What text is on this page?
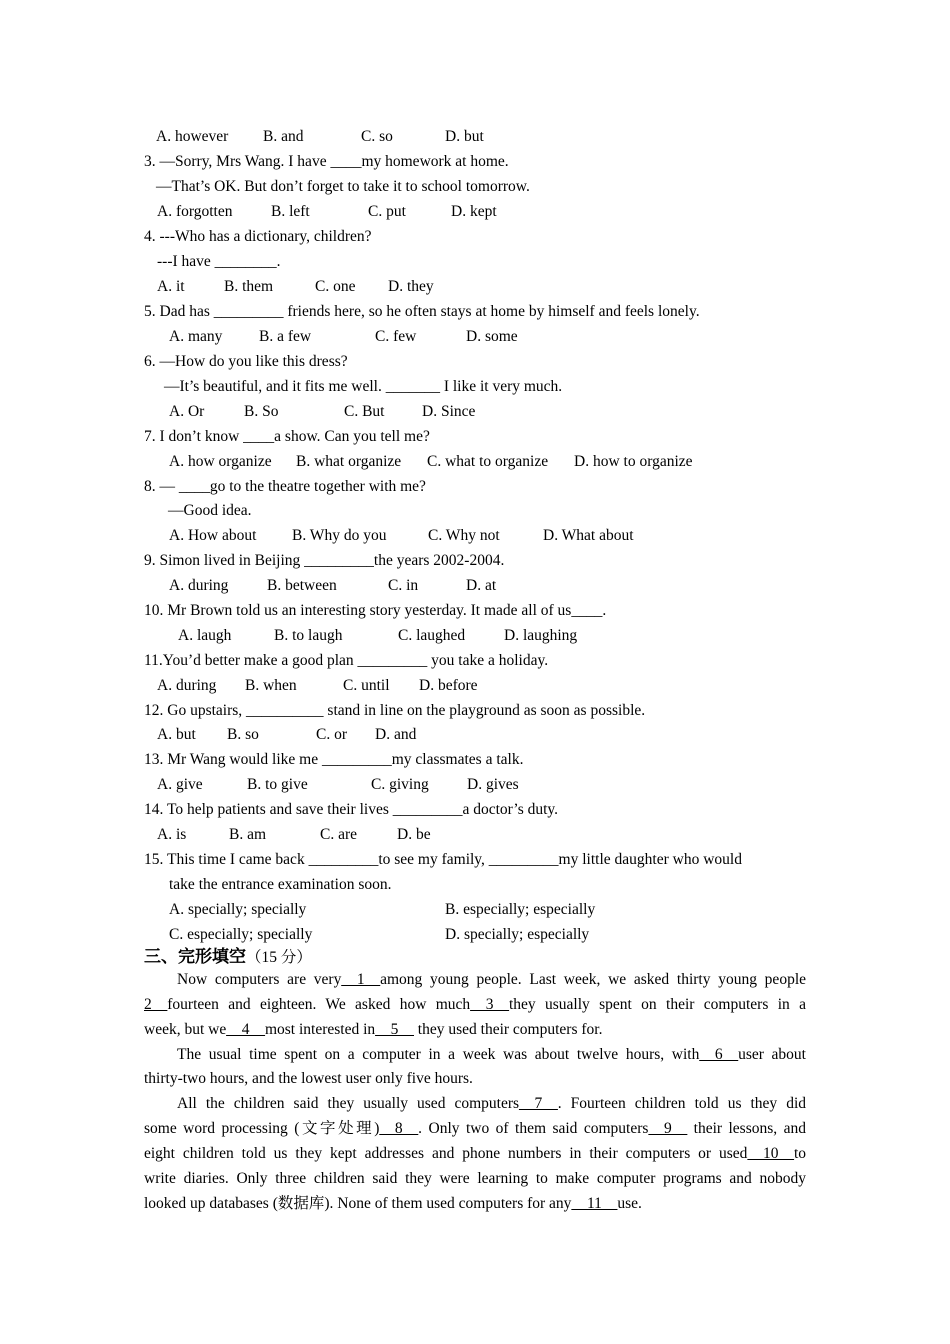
A. however B. and	C. so	D. but
3. —Sorry, Mrs Wang. I have ____my homework at home.
—That’s OK. But don’t forget to take it to school tomorrow.
A. forgotten B. left	C. put	D. kept
4. ---Who has a dictionary, children?
---I have ________.
A. it	B. them	C. one D. they
5. Dad has _________ friends here, so he often stays at home by himself and feels lonely.
A. many B. a few	C. few	D. some
6. —How do you like this dress?
—It’s beautiful, and it fits me well. _______ I like it very much.
A. Or	B. So	C. But D. Since
7. I don’t know ____a show. Can you tell me?
A. how organize B. what organize C. what to organize D. how to organize
8. — ____go to the theatre together with me?
—Good idea.
A. How about B. Why do you	C. Why not	D. What about
9. Simon lived in Beijing _________the years 2002-2004.
A. during B. between	C. in	D. at
10. Mr Brown told us an interesting story yesterday. It made all of us____.
A. laugh	B. to laugh	C. laughed	D. laughing
11.You’d better make a good plan _________ you take a holiday.
A. during B. when	C. until D. before
12. Go upstairs, __________ stand in line on the playground as soon as possible.
A. but B. so	C. or D. and
13. Mr Wang would like me _________my classmates a talk.
A. give	B. to give	C. giving D. gives
14. To help patients and save their lives _________a doctor’s duty.
A. is	B. am	C. are	D. be
15. This time I came back _________to see my family, _________my little daughter who would
take the entrance examination soon.
A. specially; specially	B. especially; especially
C. especially; specially	D. specially; especially
三、完形填空（15 分）
Now computers are very__1__among young people. Last week, we asked thirty young people
2__fourteen and eighteen. We asked how much__3__they usually spent on their computers in a
week, but we__4__most interested in__5__ they used their computers for.
The usual time spent on a computer in a week was about twelve hours, with__6__user about
thirty-two hours, and the lowest user only five hours.
All the children said they usually used computers__7__. Fourteen children told us they did
some word processing (文字处理)__8__. Only two of them said computers__9__ their lessons, and
eight children told us they kept addresses and phone numbers in their computers or used__10__to
write diaries. Only three children said they were learning to make computer programs and nobody
looked up databases (数据库). None of them used computers for any__11__use.
